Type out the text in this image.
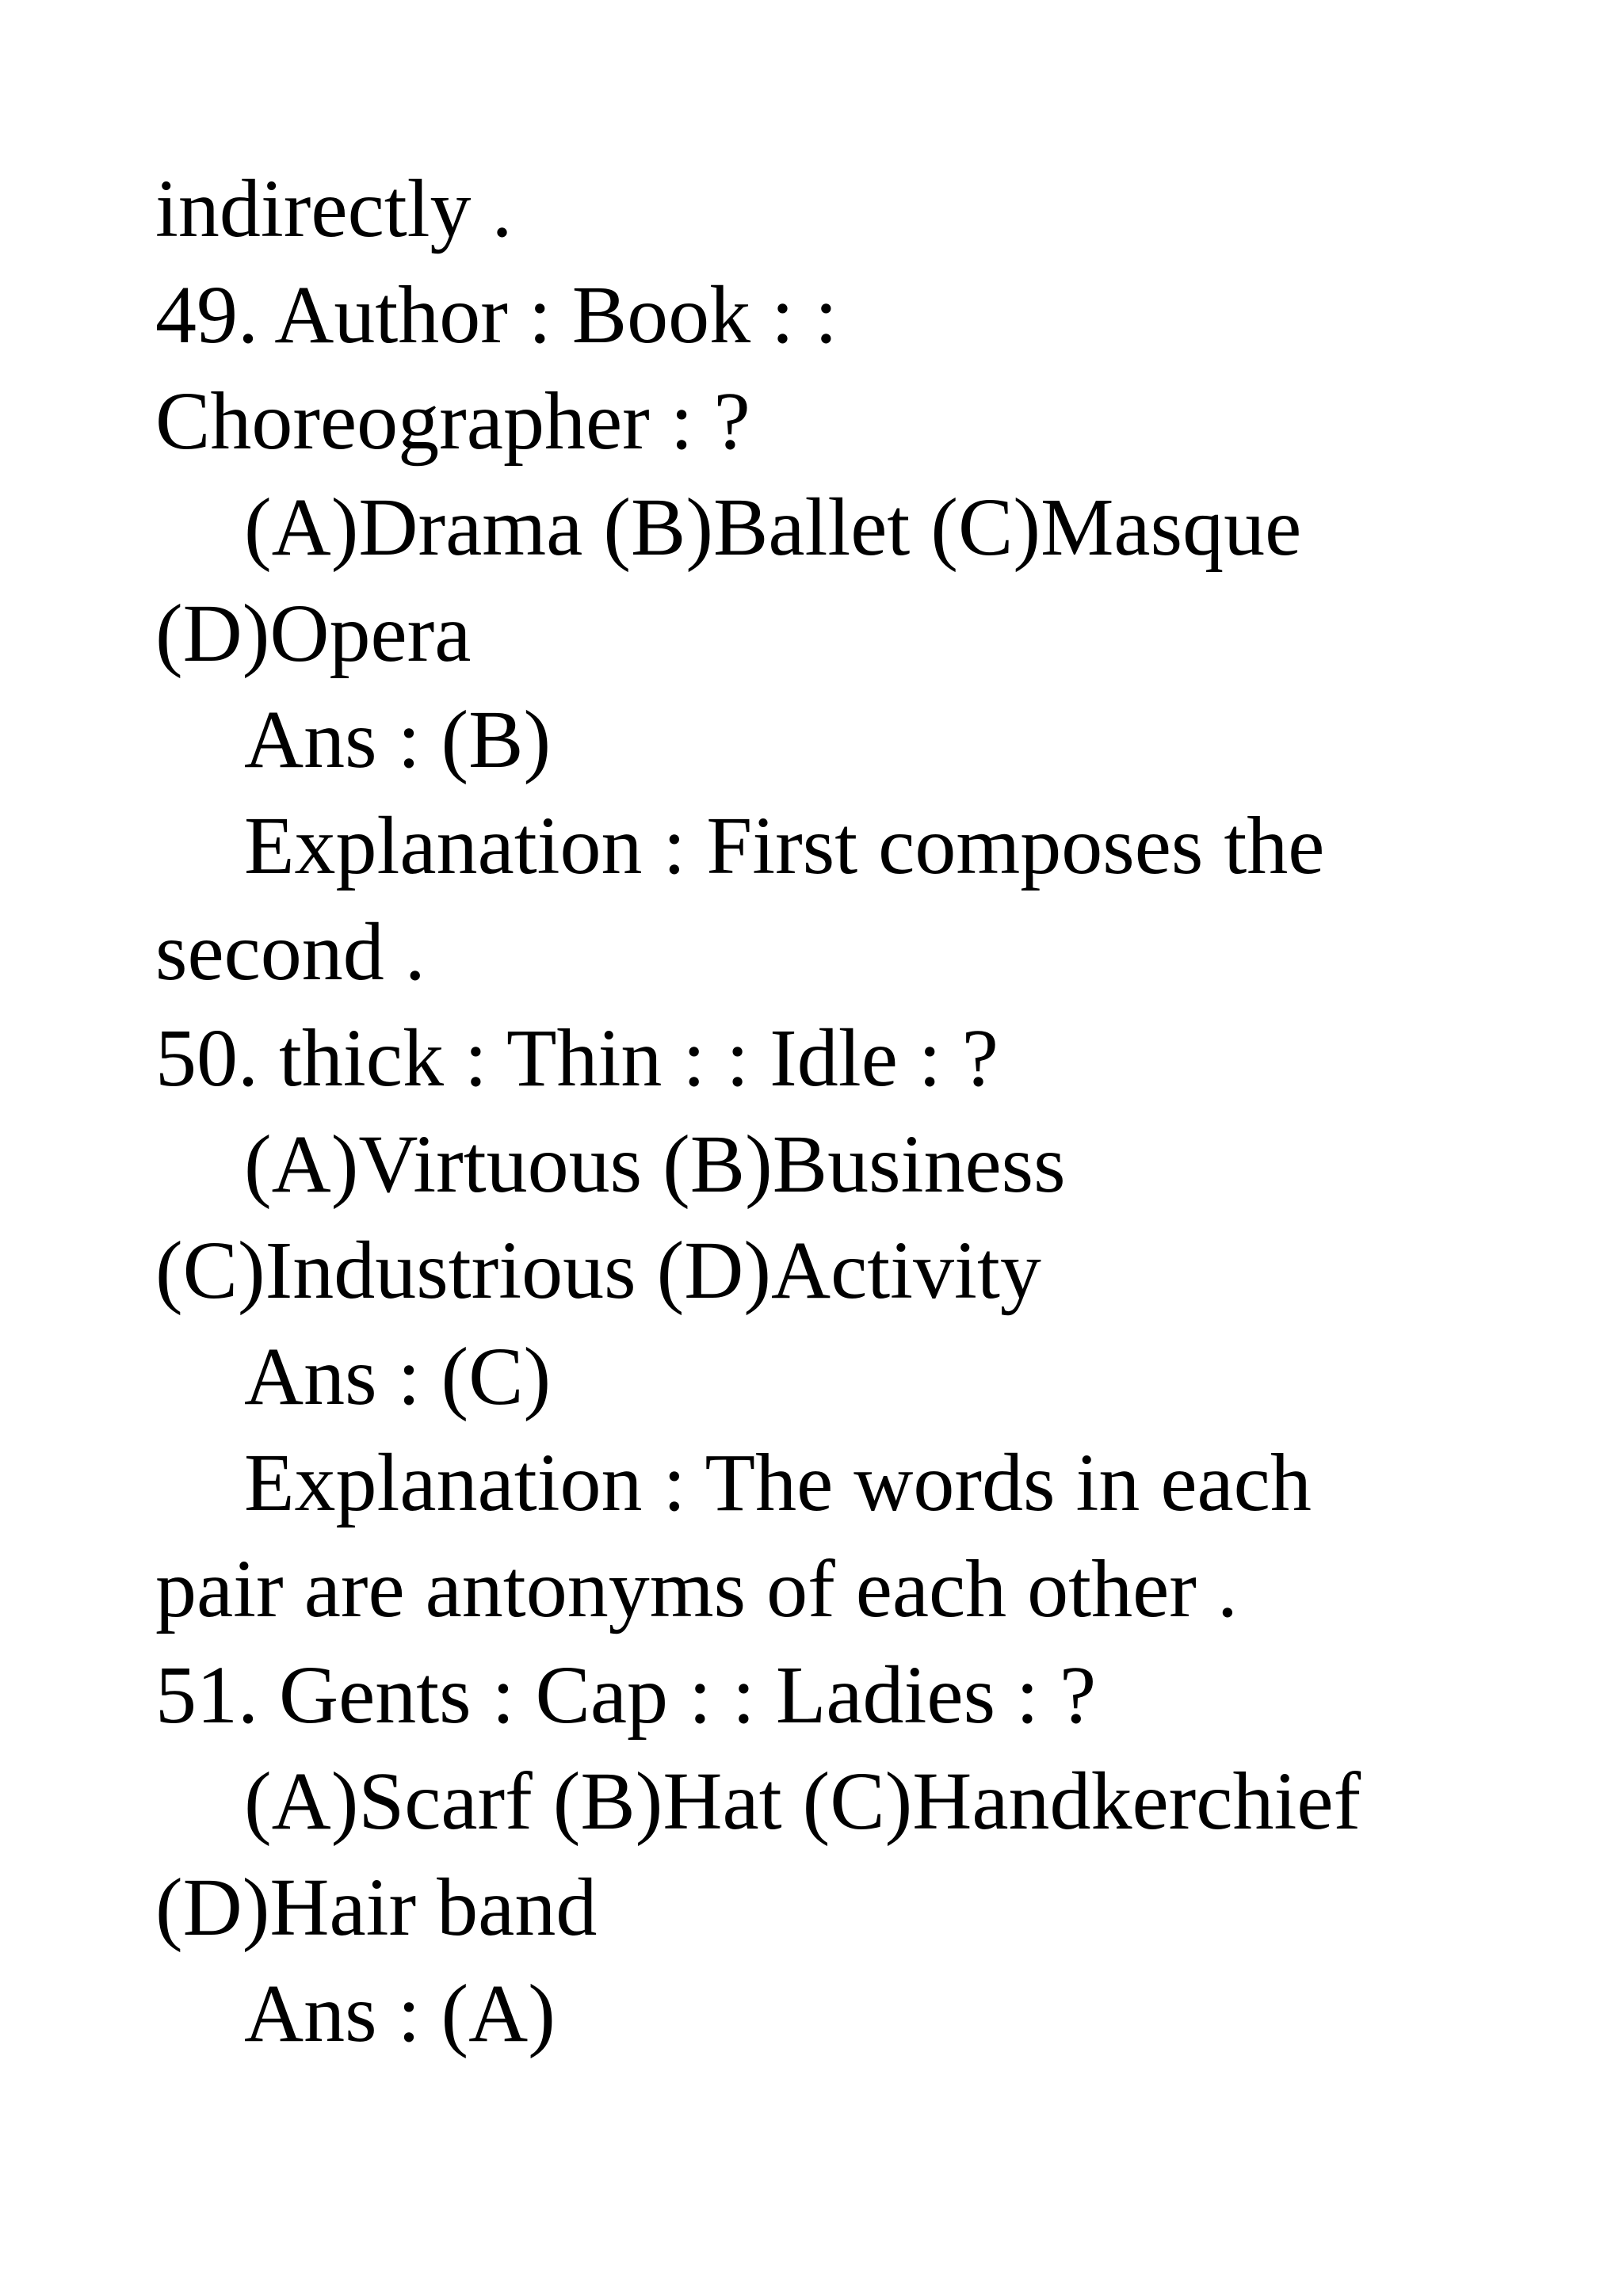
indirectly .
49. Author : Book : :
Choreographer : ?
(A)Drama (B)Ballet (C)Masque
(D)Opera
Ans : (B)
Explanation : First composes the
second .
50. thick : Thin : : Idle : ?
(A)Virtuous (B)Business
(C)Industrious (D)Activity
Ans : (C)
Explanation : The words in each
pair are antonyms of each other .
51. Gents : Cap : : Ladies : ?
(A)Scarf (B)Hat (C)Handkerchief
(D)Hair band
Ans : (A)
